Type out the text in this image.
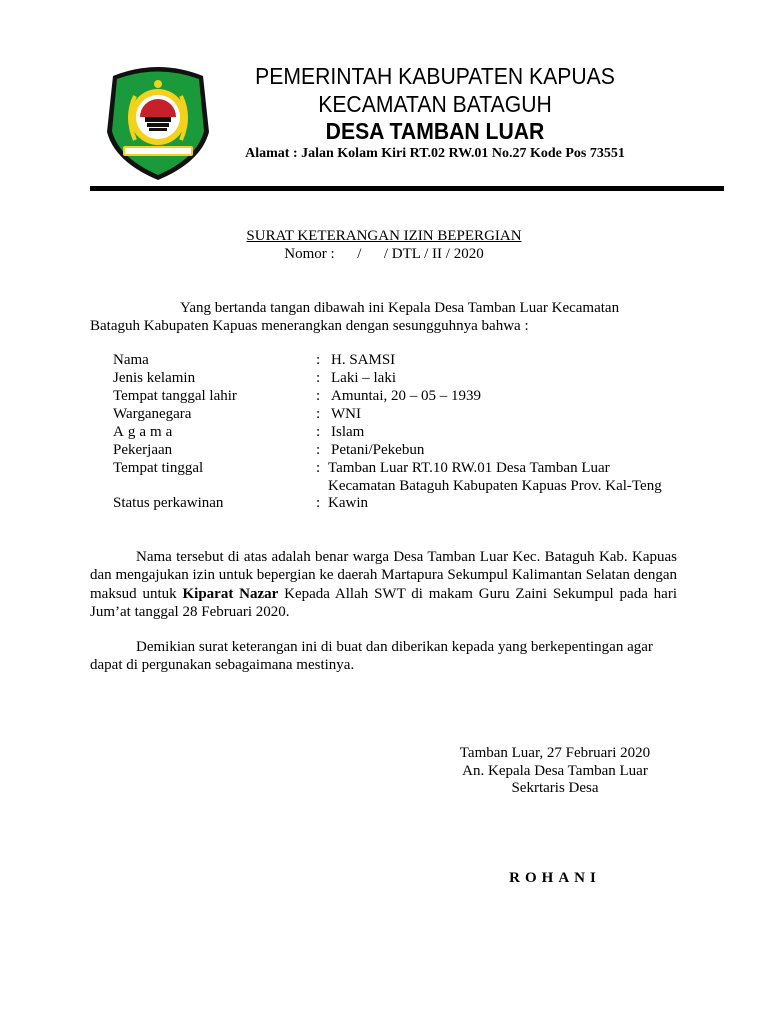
PEMERINTAH KABUPATEN KAPUAS
KECAMATAN BATAGUH
DESA TAMBAN LUAR
Alamat : Jalan Kolam Kiri RT.02 RW.01 No.27 Kode Pos 73551
SURAT KETERANGAN IZIN BEPERGIAN
Nomor :      /      / DTL / II / 2020
Yang bertanda tangan dibawah ini Kepala Desa Tamban Luar Kecamatan
Bataguh Kabupaten Kapuas menerangkan dengan sesungguhnya bahwa :
Nama	: H. SAMSI
Jenis kelamin	: Laki – laki
Tempat tanggal lahir	: Amuntai, 20 – 05 – 1939
Warganegara	: WNI
Agama	: Islam
Pekerjaan	: Petani/Pekebun
Tempat tinggal	: Tamban Luar RT.10 RW.01 Desa Tamban Luar
Kecamatan Bataguh Kabupaten Kapuas Prov. Kal-Teng
Status perkawinan	: Kawin
Nama tersebut di atas adalah benar warga Desa Tamban Luar Kec. Bataguh Kab. Kapuas dan mengajukan izin untuk bepergian ke daerah Martapura Sekumpul Kalimantan Selatan dengan maksud untuk Kiparat Nazar Kepada Allah SWT di makam Guru Zaini Sekumpul pada hari Jum’at tanggal 28 Februari 2020.
Demikian surat keterangan ini di buat dan diberikan kepada yang berkepentingan agar dapat di pergunakan sebagaimana mestinya.
Tamban Luar, 27 Februari 2020
An. Kepala Desa Tamban Luar
Sekrtaris Desa
ROHANI
